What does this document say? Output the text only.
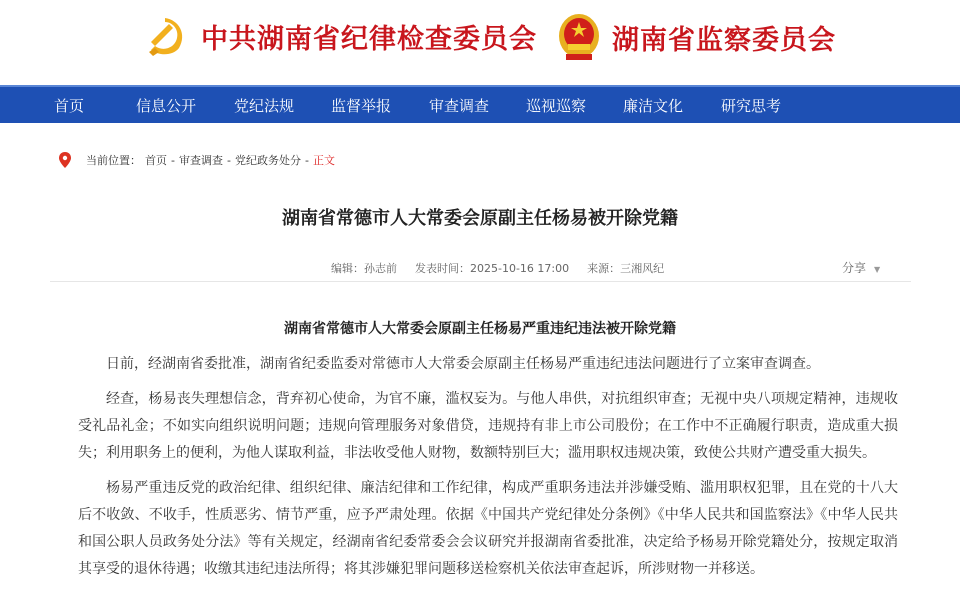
中共湖南省纪律检查委员会	湖南省监察委员会
首页	信息公开	党纪法规 监督举报	审查调查 巡视巡察 廉洁文化	研究思考
当前位置： 首页 - 审查调查 - 党纪政务处分 - 正文
湖南省常德市人大常委会原副主任杨易被开除党籍
编辑：孙志前 发表时间：2025-10-16 17:00 来源：三湘风纪	分享 ▼
湖南省常德市人大常委会原副主任杨易严重违纪违法被开除党籍

日前，经湖南省委批准，湖南省纪委监委对常德市人大常委会原副主任杨易严重违纪违法问题进行了立案审查调查。

经查，杨易丧失理想信念，背弃初心使命，为官不廉，滥权妄为。与他人串供，对抗组织审查；无视中央八项规定精神，违规收受礼品礼金；不如实向组织说明问题；违规向管理服务对象借贷，违规持有非上市公司股份；在工作中不正确履行职责，造成重大损失；利用职务上的便利，为他人谋取利益，非法收受他人财物，数额特别巨大；滥用职权违规决策，致使公共财产遭受重大损失。

杨易严重违反党的政治纪律、组织纪律、廉洁纪律和工作纪律，构成严重职务违法并涉嫌受贿、滥用职权犯罪，且在党的十八大后不收敛、不收手，性质恶劣、情节严重，应予严肃处理。依据《中国共产党纪律处分条例》《中华人民共和国监察法》《中华人民共和国公职人员政务处分法》等有关规定，经湖南省纪委常委会会议研究并报湖南省委批准，决定给予杨易开除党籍处分，按规定取消其享受的退休待遇；收缴其违纪违法所得；将其涉嫌犯罪问题移送检察机关依法审查起诉，所涉财物一并移送。
